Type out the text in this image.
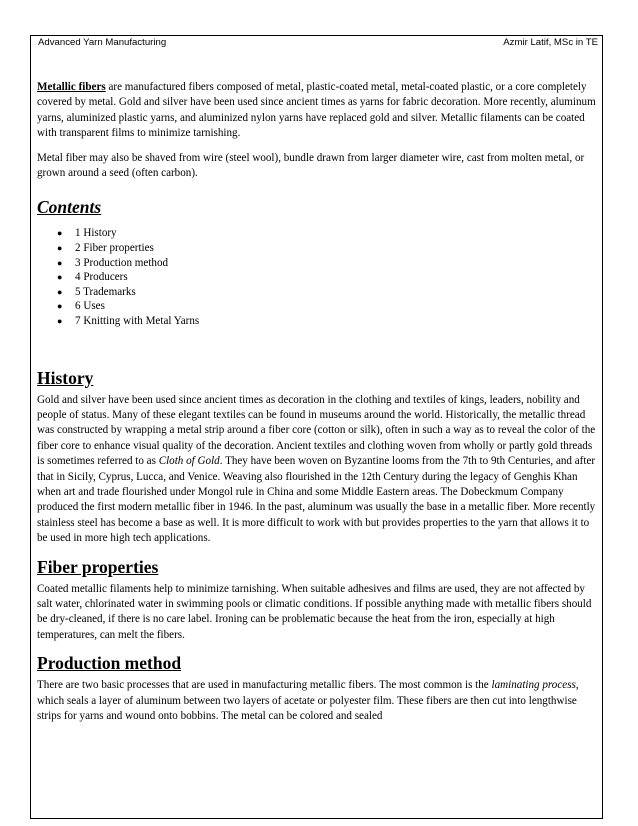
Advanced Yarn Manufacturing	Azmir Latif, MSc in TE

Metallic fibers are manufactured fibers composed of metal, plastic-coated metal, metal-coated plastic, or a core completely covered by metal. Gold and silver have been used since ancient times as yarns for fabric decoration. More recently, aluminum yarns, aluminized plastic yarns, and aluminized nylon yarns have replaced gold and silver. Metallic filaments can be coated with transparent films to minimize tarnishing.

Metal fiber may also be shaved from wire (steel wool), bundle drawn from larger diameter wire, cast from molten metal, or grown around a seed (often carbon).

Contents
● 1 History
● 2 Fiber properties
● 3 Production method
● 4 Producers
● 5 Trademarks
● 6 Uses
● 7 Knitting with Metal Yarns
History

Gold and silver have been used since ancient times as decoration in the clothing and textiles of kings, leaders, nobility and people of status. Many of these elegant textiles can be found in museums around the world. Historically, the metallic thread was constructed by wrapping a metal strip around a fiber core (cotton or silk), often in such a way as to reveal the color of the fiber core to enhance visual quality of the decoration. Ancient textiles and clothing woven from wholly or partly gold threads is sometimes referred to as Cloth of Gold. They have been woven on Byzantine looms from the 7th to 9th Centuries, and after that in Sicily, Cyprus, Lucca, and Venice. Weaving also flourished in the 12th Century during the legacy of Genghis Khan when art and trade flourished under Mongol rule in China and some Middle Eastern areas. The Dobeckmum Company produced the first modern metallic fiber in 1946. In the past, aluminum was usually the base in a metallic fiber. More recently stainless steel has become a base as well. It is more difficult to work with but provides properties to the yarn that allows it to be used in more high tech applications.

Fiber properties

Coated metallic filaments help to minimize tarnishing. When suitable adhesives and films are used, they are not affected by salt water, chlorinated water in swimming pools or climatic conditions. If possible anything made with metallic fibers should be dry-cleaned, if there is no care label. Ironing can be problematic because the heat from the iron, especially at high temperatures, can melt the fibers.

Production method

There are two basic processes that are used in manufacturing metallic fibers. The most common is the laminating process, which seals a layer of aluminum between two layers of acetate or polyester film. These fibers are then cut into lengthwise strips for yarns and wound onto bobbins. The metal can be colored and sealed
